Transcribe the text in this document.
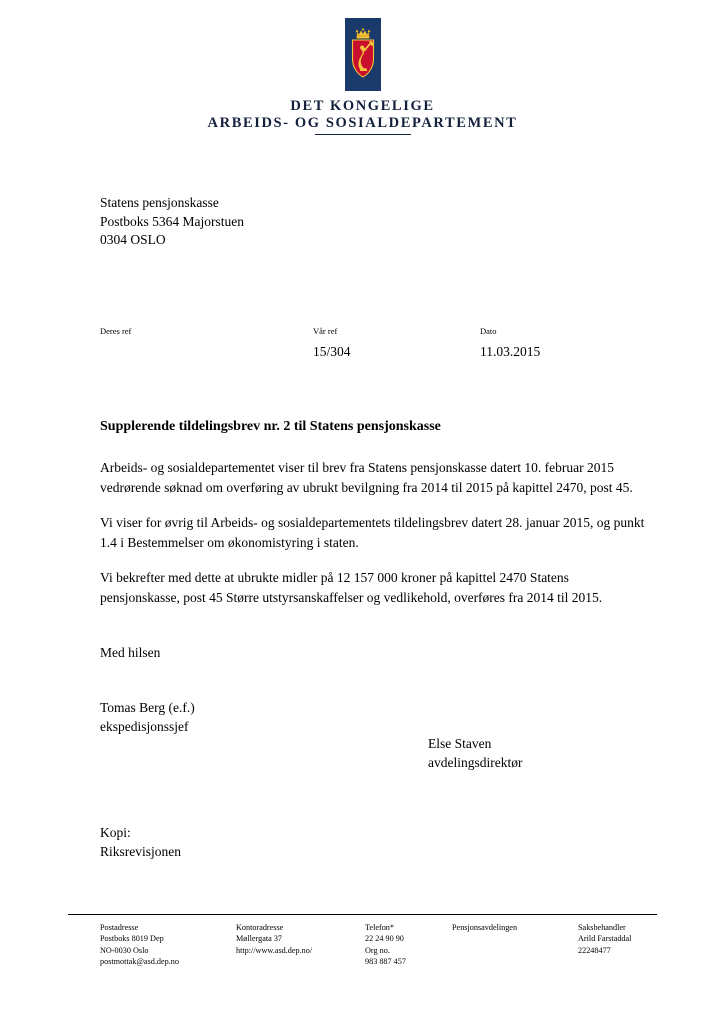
DET KONGELIGE
ARBEIDS- OG SOSIALDEPARTEMENT
Statens pensjonskasse
Postboks 5364 Majorstuen
0304 OSLO
Deres ref	Vår ref
15/304
Dato
11.03.2015
Supplerende tildelingsbrev nr. 2 til Statens pensjonskasse

Arbeids- og sosialdepartementet viser til brev fra Statens pensjonskasse datert 10. februar 2015 vedrørende søknad om overføring av ubrukt bevilgning fra 2014 til 2015 på kapittel 2470, post 45.

Vi viser for øvrig til Arbeids- og sosialdepartementets tildelingsbrev datert 28. januar 2015, og punkt 1.4 i Bestemmelser om økonomistyring i staten.

Vi bekrefter med dette at ubrukte midler på 12 157 000 kroner på kapittel 2470 Statens pensjonskasse, post 45 Større utstyrsanskaffelser og vedlikehold, overføres fra 2014 til 2015.

Med hilsen
Tomas Berg (e.f.)
ekspedisjonssjef
Else Staven
avdelingsdirektør
Kopi:
Riksrevisjonen
Postadresse
Postboks 8019 Dep
NO-0030 Oslo
postmottak@asd.dep.no
Kontoradresse
Møllergata 37
http://www.asd.dep.no/
Telefon*
22 24 90 90
Org no.
983 887 457
Pensjonsavdelingen	Saksbehandler
Arild Farstaddal
22248477
